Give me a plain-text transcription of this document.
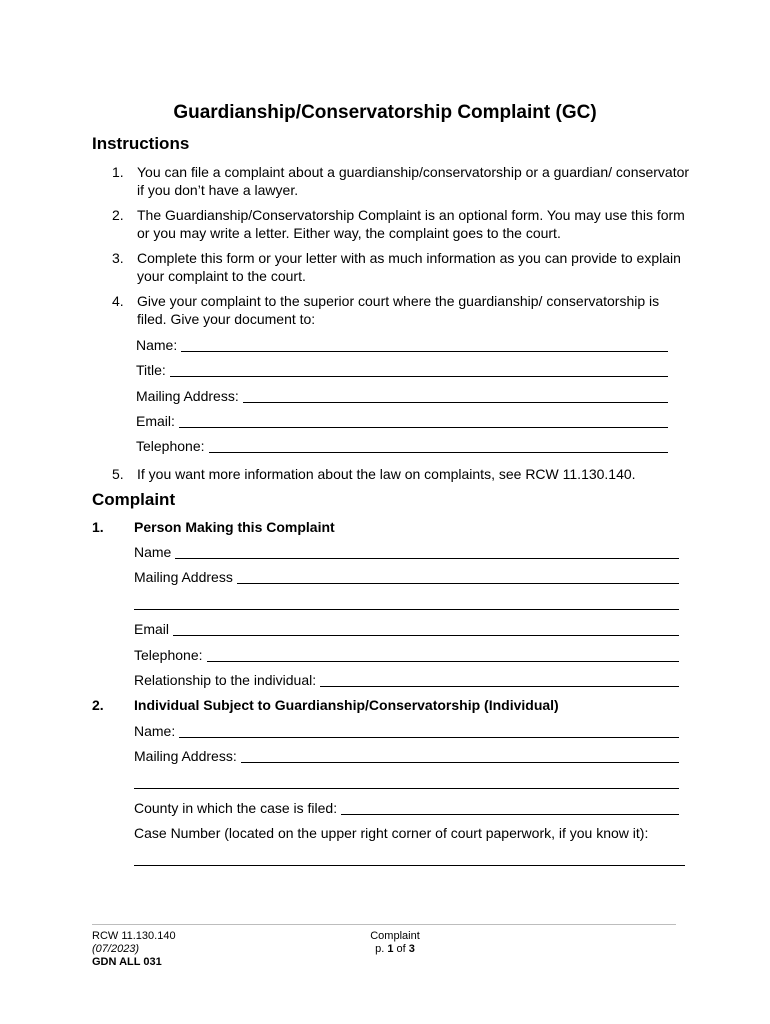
Guardianship/Conservatorship Complaint (GC)
Instructions
1. You can file a complaint about a guardianship/conservatorship or a guardian/ conservator if you don’t have a lawyer.
2. The Guardianship/Conservatorship Complaint is an optional form. You may use this form or you may write a letter. Either way, the complaint goes to the court.
3. Complete this form or your letter with as much information as you can provide to explain your complaint to the court.
4. Give your complaint to the superior court where the guardianship/ conservatorship is filed. Give your document to:
Name:
Title:
Mailing Address:
Email:
Telephone:
5. If you want more information about the law on complaints, see RCW 11.130.140.
Complaint
1. Person Making this Complaint
Name
Mailing Address
Email
Telephone:
Relationship to the individual:
2. Individual Subject to Guardianship/Conservatorship (Individual)
Name:
Mailing Address:
County in which the case is filed:
Case Number (located on the upper right corner of court paperwork, if you know it):
RCW 11.130.140
(07/2023)
GDN ALL 031
Complaint
p. 1 of 3
